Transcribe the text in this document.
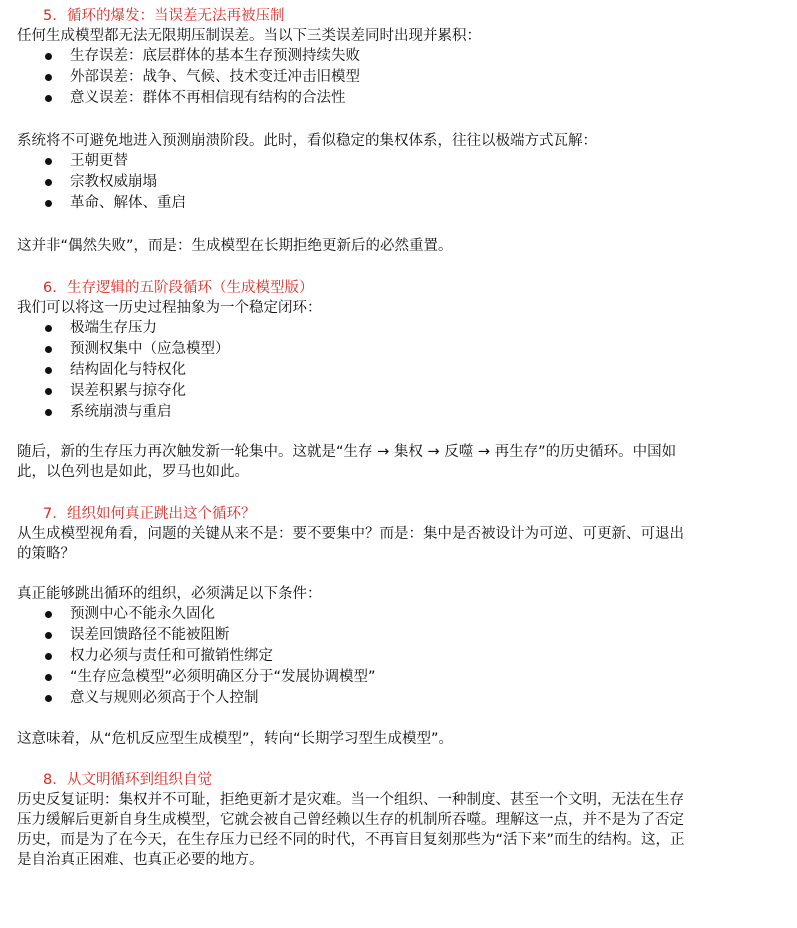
5. 循环的爆发：当误差无法再被压制

任何生成模型都无法无限期压制误差。当以下三类误差同时出现并累积：

生存误差：底层群体的基本生存预测持续失败
外部误差：战争、气候、技术变迁冲击旧模型
意义误差：群体不再相信现有结构的合法性

系统将不可避免地进入预测崩溃阶段。此时，看似稳定的集权体系，往往以极端方式瓦解：

王朝更替
宗教权威崩塌
革命、解体、重启

这并非“偶然失败”，而是：生成模型在长期拒绝更新后的必然重置。

6. 生存逻辑的五阶段循环（生成模型版）

我们可以将这一历史过程抽象为一个稳定闭环：

极端生存压力
预测权集中（应急模型）
结构固化与特权化
误差积累与掠夺化
系统崩溃与重启

随后，新的生存压力再次触发新一轮集中。这就是“生存 → 集权 → 反噬 → 再生存”的历史循环。中国如
此，以色列也是如此，罗马也如此。

7. 组织如何真正跳出这个循环？

从生成模型视角看，问题的关键从来不是：要不要集中？而是：集中是否被设计为可逆、可更新、可退出
的策略？

真正能够跳出循环的组织，必须满足以下条件：

预测中心不能永久固化
误差回馈路径不能被阻断
权力必须与责任和可撤销性绑定
“生存应急模型”必须明确区分于“发展协调模型”
意义与规则必须高于个人控制

这意味着，从“危机反应型生成模型”，转向“长期学习型生成模型”。

8. 从文明循环到组织自觉

历史反复证明：集权并不可耻，拒绝更新才是灾难。当一个组织、一种制度、甚至一个文明，无法在生存
压力缓解后更新自身生成模型，它就会被自己曾经赖以生存的机制所吞噬。理解这一点，并不是为了否定
历史，而是为了在今天，在生存压力已经不同的时代，不再盲目复刻那些为“活下来”而生的结构。这，正
是自治真正困难、也真正必要的地方。
